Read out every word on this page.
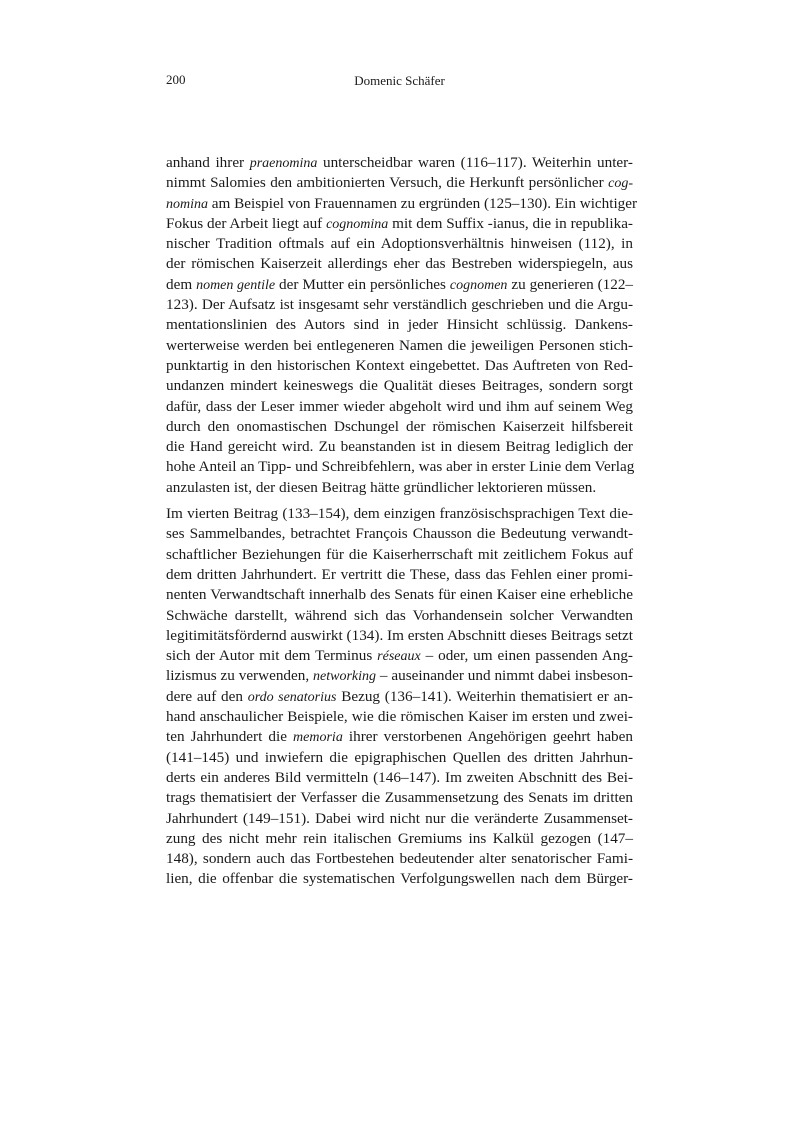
200	Domenic Schäfer
anhand ihrer praenomina unterscheidbar waren (116–117). Weiterhin unter-
nimmt Salomies den ambitionierten Versuch, die Herkunft persönlicher cog-
nomina am Beispiel von Frauennamen zu ergründen (125–130). Ein wichtiger
Fokus der Arbeit liegt auf cognomina mit dem Suffix -ianus, die in republika-
nischer Tradition oftmals auf ein Adoptionsverhältnis hinweisen (112), in
der römischen Kaiserzeit allerdings eher das Bestreben widerspiegeln, aus
dem nomen gentile der Mutter ein persönliches cognomen zu generieren (122–
123). Der Aufsatz ist insgesamt sehr verständlich geschrieben und die Argu-
mentationslinien des Autors sind in jeder Hinsicht schlüssig. Dankens-
werterweise werden bei entlegeneren Namen die jeweiligen Personen stich-
punktartig in den historischen Kontext eingebettet. Das Auftreten von Red-
undanzen mindert keineswegs die Qualität dieses Beitrages, sondern sorgt
dafür, dass der Leser immer wieder abgeholt wird und ihm auf seinem Weg
durch den onomastischen Dschungel der römischen Kaiserzeit hilfsbereit
die Hand gereicht wird. Zu beanstanden ist in diesem Beitrag lediglich der
hohe Anteil an Tipp- und Schreibfehlern, was aber in erster Linie dem Verlag
anzulasten ist, der diesen Beitrag hätte gründlicher lektorieren müssen.
Im vierten Beitrag (133–154), dem einzigen französischsprachigen Text die-
ses Sammelbandes, betrachtet François Chausson die Bedeutung verwandt-
schaftlicher Beziehungen für die Kaiserherrschaft mit zeitlichem Fokus auf
dem dritten Jahrhundert. Er vertritt die These, dass das Fehlen einer promi-
nenten Verwandtschaft innerhalb des Senats für einen Kaiser eine erhebliche
Schwäche darstellt, während sich das Vorhandensein solcher Verwandten
legitimitätsfördernd auswirkt (134). Im ersten Abschnitt dieses Beitrags setzt
sich der Autor mit dem Terminus réseaux – oder, um einen passenden Ang-
lizismus zu verwenden, networking – auseinander und nimmt dabei insbeson-
dere auf den ordo senatorius Bezug (136–141). Weiterhin thematisiert er an-
hand anschaulicher Beispiele, wie die römischen Kaiser im ersten und zwei-
ten Jahrhundert die memoria ihrer verstorbenen Angehörigen geehrt haben
(141–145) und inwiefern die epigraphischen Quellen des dritten Jahrhun-
derts ein anderes Bild vermitteln (146–147). Im zweiten Abschnitt des Bei-
trags thematisiert der Verfasser die Zusammensetzung des Senats im dritten
Jahrhundert (149–151). Dabei wird nicht nur die veränderte Zusammenset-
zung des nicht mehr rein italischen Gremiums ins Kalkül gezogen (147–
148), sondern auch das Fortbestehen bedeutender alter senatorischer Fami-
lien, die offenbar die systematischen Verfolgungswellen nach dem Bürger-
